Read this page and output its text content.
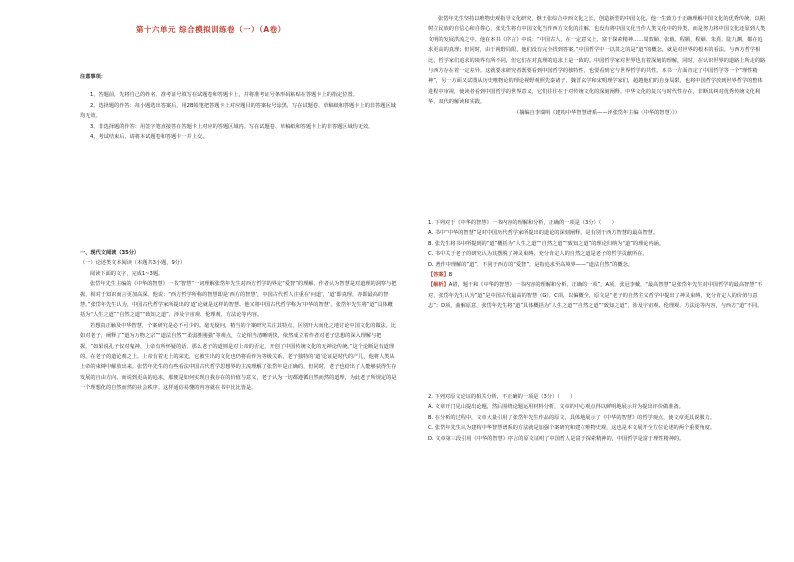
第十六单元 综合模拟训练卷（一）（A卷）

注意事项：

1、答题前，先将自己的姓名、准考证号填写在试题卷和答题卡上，并将准考证号条形码粘贴在答题卡上的指定位置。

2、选择题的作答：每小题选出答案后，用2B铅笔把答题卡上对应题目的答案标号涂黑，写在试题卷、草稿纸和答题卡上的非答题区域均无效。

3、非选择题的作答：用签字笔直接答在答题卡上对应的答题区域内。写在试题卷、草稿纸和答题卡上的非答题区域均无效。

4、考试结束后，请将本试题卷和答题卡一并上交。

一、现代文阅读（35分）

（一）论述类文本阅读（本题共3小题，9分）

阅读下面的文字，完成1~3题。

张岱年先生主编的《中华的智慧》一书“智慧”一词理解张岱年先生对西方哲学的界定“爱智”的理解，作者认为智慧是对道理的洞察与把握，相对于知识而言更加高深。他说：“西方哲学所称的智慧即是‘西方的智慧’，中国古代哲人注重在‘问道’，‘道’即真理，亦即最高的智慧。”张岱年先生认为，中国古代哲学家所提出的‘道’论就是这样的智慧。他又将中国古代哲学称为‘中华的智慧’。张岱年先生将“道”具体概括为“人生之道”“自然之道”“致知之道”，涉及宇宙观、伦理观、方法论等内容。

若想真正触及中华智慧，个案研究是必不可少的。毫无疑问，精当的个案研究关注其特点，区别开大而化之地讨论中国文化的做法。比如对老子，阐释了“道为万物之宗”“道法自然”“柔弱胜刚强”等观点，立论相当清晰明快，依然成立着作者对老子思想的深入理解与把握。“如果说孔子仅对鬼神、上帝有所怀疑的话，那么老子的道则是对上帝的否定，开创了中国传统文化的无神论传统。”这个论断是有道理的。在老子的道论观之上，上帝有着无上的荣光，它被生出的文化也仍将看作为等级关系，老子独特的‘道’论证是时代的产儿，他将人类从上帝的束缚中解放出来。张岱年先生的有些看法中国古代哲学思想界的主流理解了张岱年是正确的，但同时，老子也给出了人能够获得生存发展的自由方向。而说到更高的追求，那便是如何实现自我存在的价值与意义，老子认为一切都遵循自然而然的道理，为此老子所规定的是一个理想化的自然而然的社会秩序。这样通俗易懂的内容就在书中比比皆是。

张岱年先生坚持以唯物史观指导文化研究，继王张综合中西文化之长，创造新型的中国文化，他一生致力于正确理解中国文化的优秀传统，以期树立民族的自信心和自尊心，张先生将有中国文化当作西方文化的注解，也没有将中国文化当作人类文化中的异类，而是努力将中国文化还原到人类文明的发展洪流之中。他在本书《序言》中说：“中国古人，在一定意义上，富于探索精神……周敦颐、张载、程颢、程颐、朱熹、陆九渊，都在追求更高的真理；但同时，由于视野局限，他们没有完全找到答案。”中国哲学中一以贯之的是“道”的概念，就是对世界的根本的看法，与西方哲学相比，哲学家们追求的境界有所不同，但它们在对真理的追求上是一致的。中国哲学家对世界也有着深刻的理解，同时，在认识世界的道路上所走的路与西方存在着一定差异。这就要求研究者既要看到中国哲学的独特性，也要看到它与世界哲学的共性。本书一方面肯定了中国哲学等一个“理性精神”，另一方面又试图从历史唯物论的理论视野观照先秦诸子、魏晋玄学和宋明理学家们，超越他们的自身局限，也将中国哲学放到世界哲学的整体进程中审视，使读者看到中国哲学的世界意义，它们往往在于对传统文化的深刻阐释。中华文化的复兴与时代性存在，非断其纠对优秀传统文化利华、双代的解读和实践。

（摘编自李瑞明《建构中华智慧谱系——评张岱年主编〈中华的智慧〉》）

1. 下列对于《中华的智慧》一书内容的理解和分析，正确的一项是（3分）（　　）

A. 书中“中华的智慧”是对中国历代哲学家所提出的道论的深刻阐释，是有别于西方智慧的最高智慧。

B. 张先生将书中所提到的“道”概括为“人生之道”“自然之道”“致知之道”的理论归纳为“道”的理论内涵。

C. 书中关于老子的研究认为其摆脱了神灵束缚，充分肯定人的自然之道是老子的哲学贡献所在。

D. 著作中理解的“道”，不同于西方的“爱智”，是指追求至高境界——“道法自然”的概念。

【答案】B

【解析】A错，题干和《中华的智慧》一书内容的理解和分析，正确的一项”。A项，张冠李戴，“最高智慧”是张岱年先生对中国哲学的最高智慧“不对，张岱年先生认为“道”是中国古代最高的智慧（G），C项，以偏概全，原文是“老子的自然主义哲学中提出了神灵束缚，充分肯定人的价值与意志”；D项，曲解原意，张岱年先生将“道”具体概括为“人生之道”“自然之道”“致知之道”，涉及宇宙观、伦理观、方法论等内容，与西方“道”不同。

2. 下列对原文论证的相关分析，不正确的一项是（3分）（　　）

A. 文章开门见山提出论题，然后围绕论题运用材料分析，文章的中心观点得以鲜明地展示并为提出评价做准备。

B. 在分析的过程中，文章大量引用了张岱年先生作品的原文，具体地展示了《中华的智慧》的哲学观点，使文章更具说服力。

C. 张岱年先生认为建构中华智慧谱系的方法就是加强个案研究和建立唯物史观，这也是本文展开全方位论述的两个重要角度。

D. 文章第三段引用《中华的智慧》序言的原文证明了中国哲人是富于探索精神的，中国哲学是富于理性精神的。
